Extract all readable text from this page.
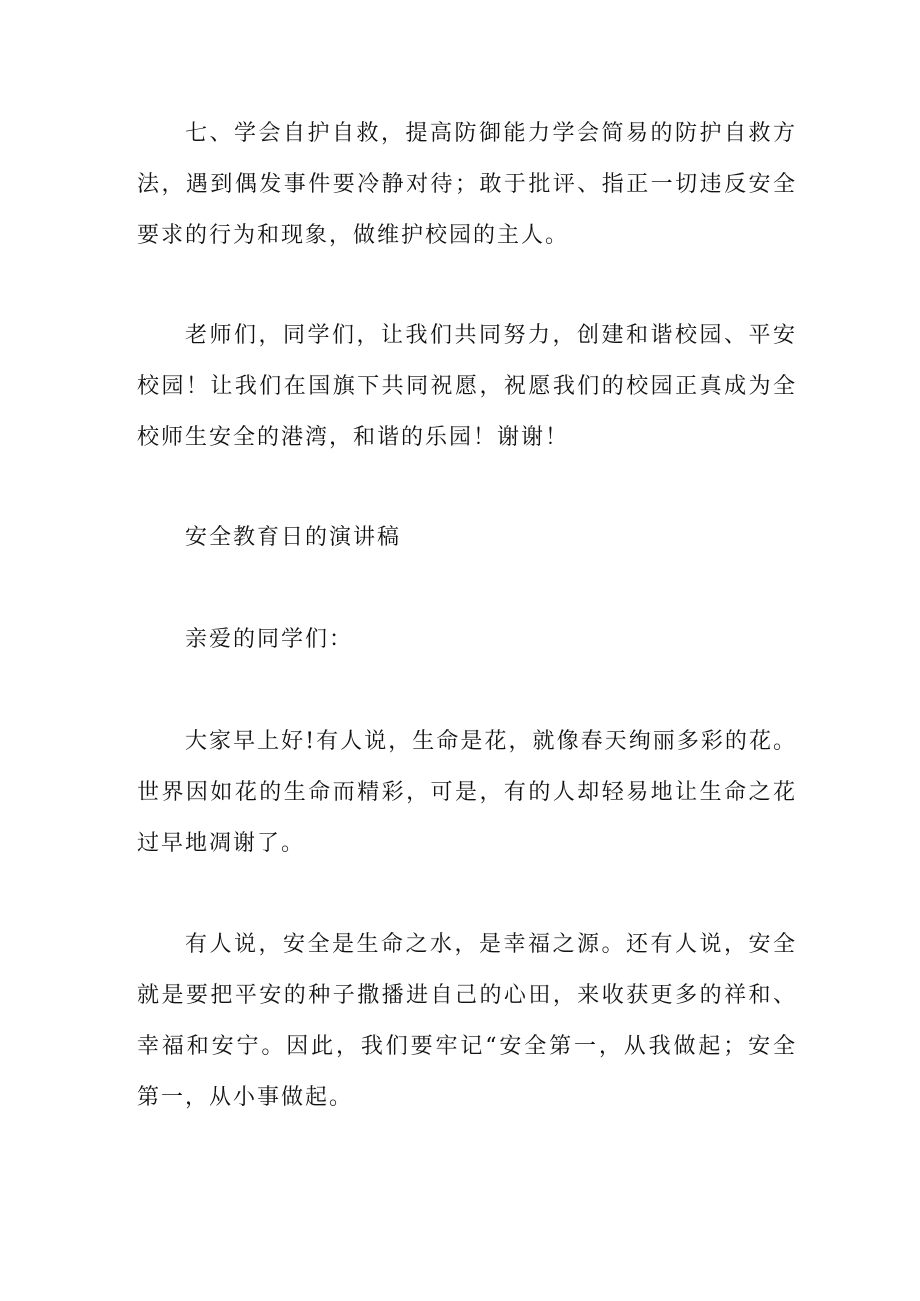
七、学会自护自救，提高防御能力学会简易的防护自救方法，遇到偶发事件要冷静对待；敢于批评、指正一切违反安全要求的行为和现象，做维护校园的主人。

老师们，同学们，让我们共同努力，创建和谐校园、平安校园！让我们在国旗下共同祝愿，祝愿我们的校园正真成为全校师生安全的港湾，和谐的乐园！谢谢！

安全教育日的演讲稿

亲爱的同学们：

大家早上好!有人说，生命是花，就像春天绚丽多彩的花。世界因如花的生命而精彩，可是，有的人却轻易地让生命之花过早地凋谢了。

有人说，安全是生命之水，是幸福之源。还有人说，安全就是要把平安的种子撒播进自己的心田，来收获更多的祥和、幸福和安宁。因此，我们要牢记“安全第一，从我做起；安全第一，从小事做起。
